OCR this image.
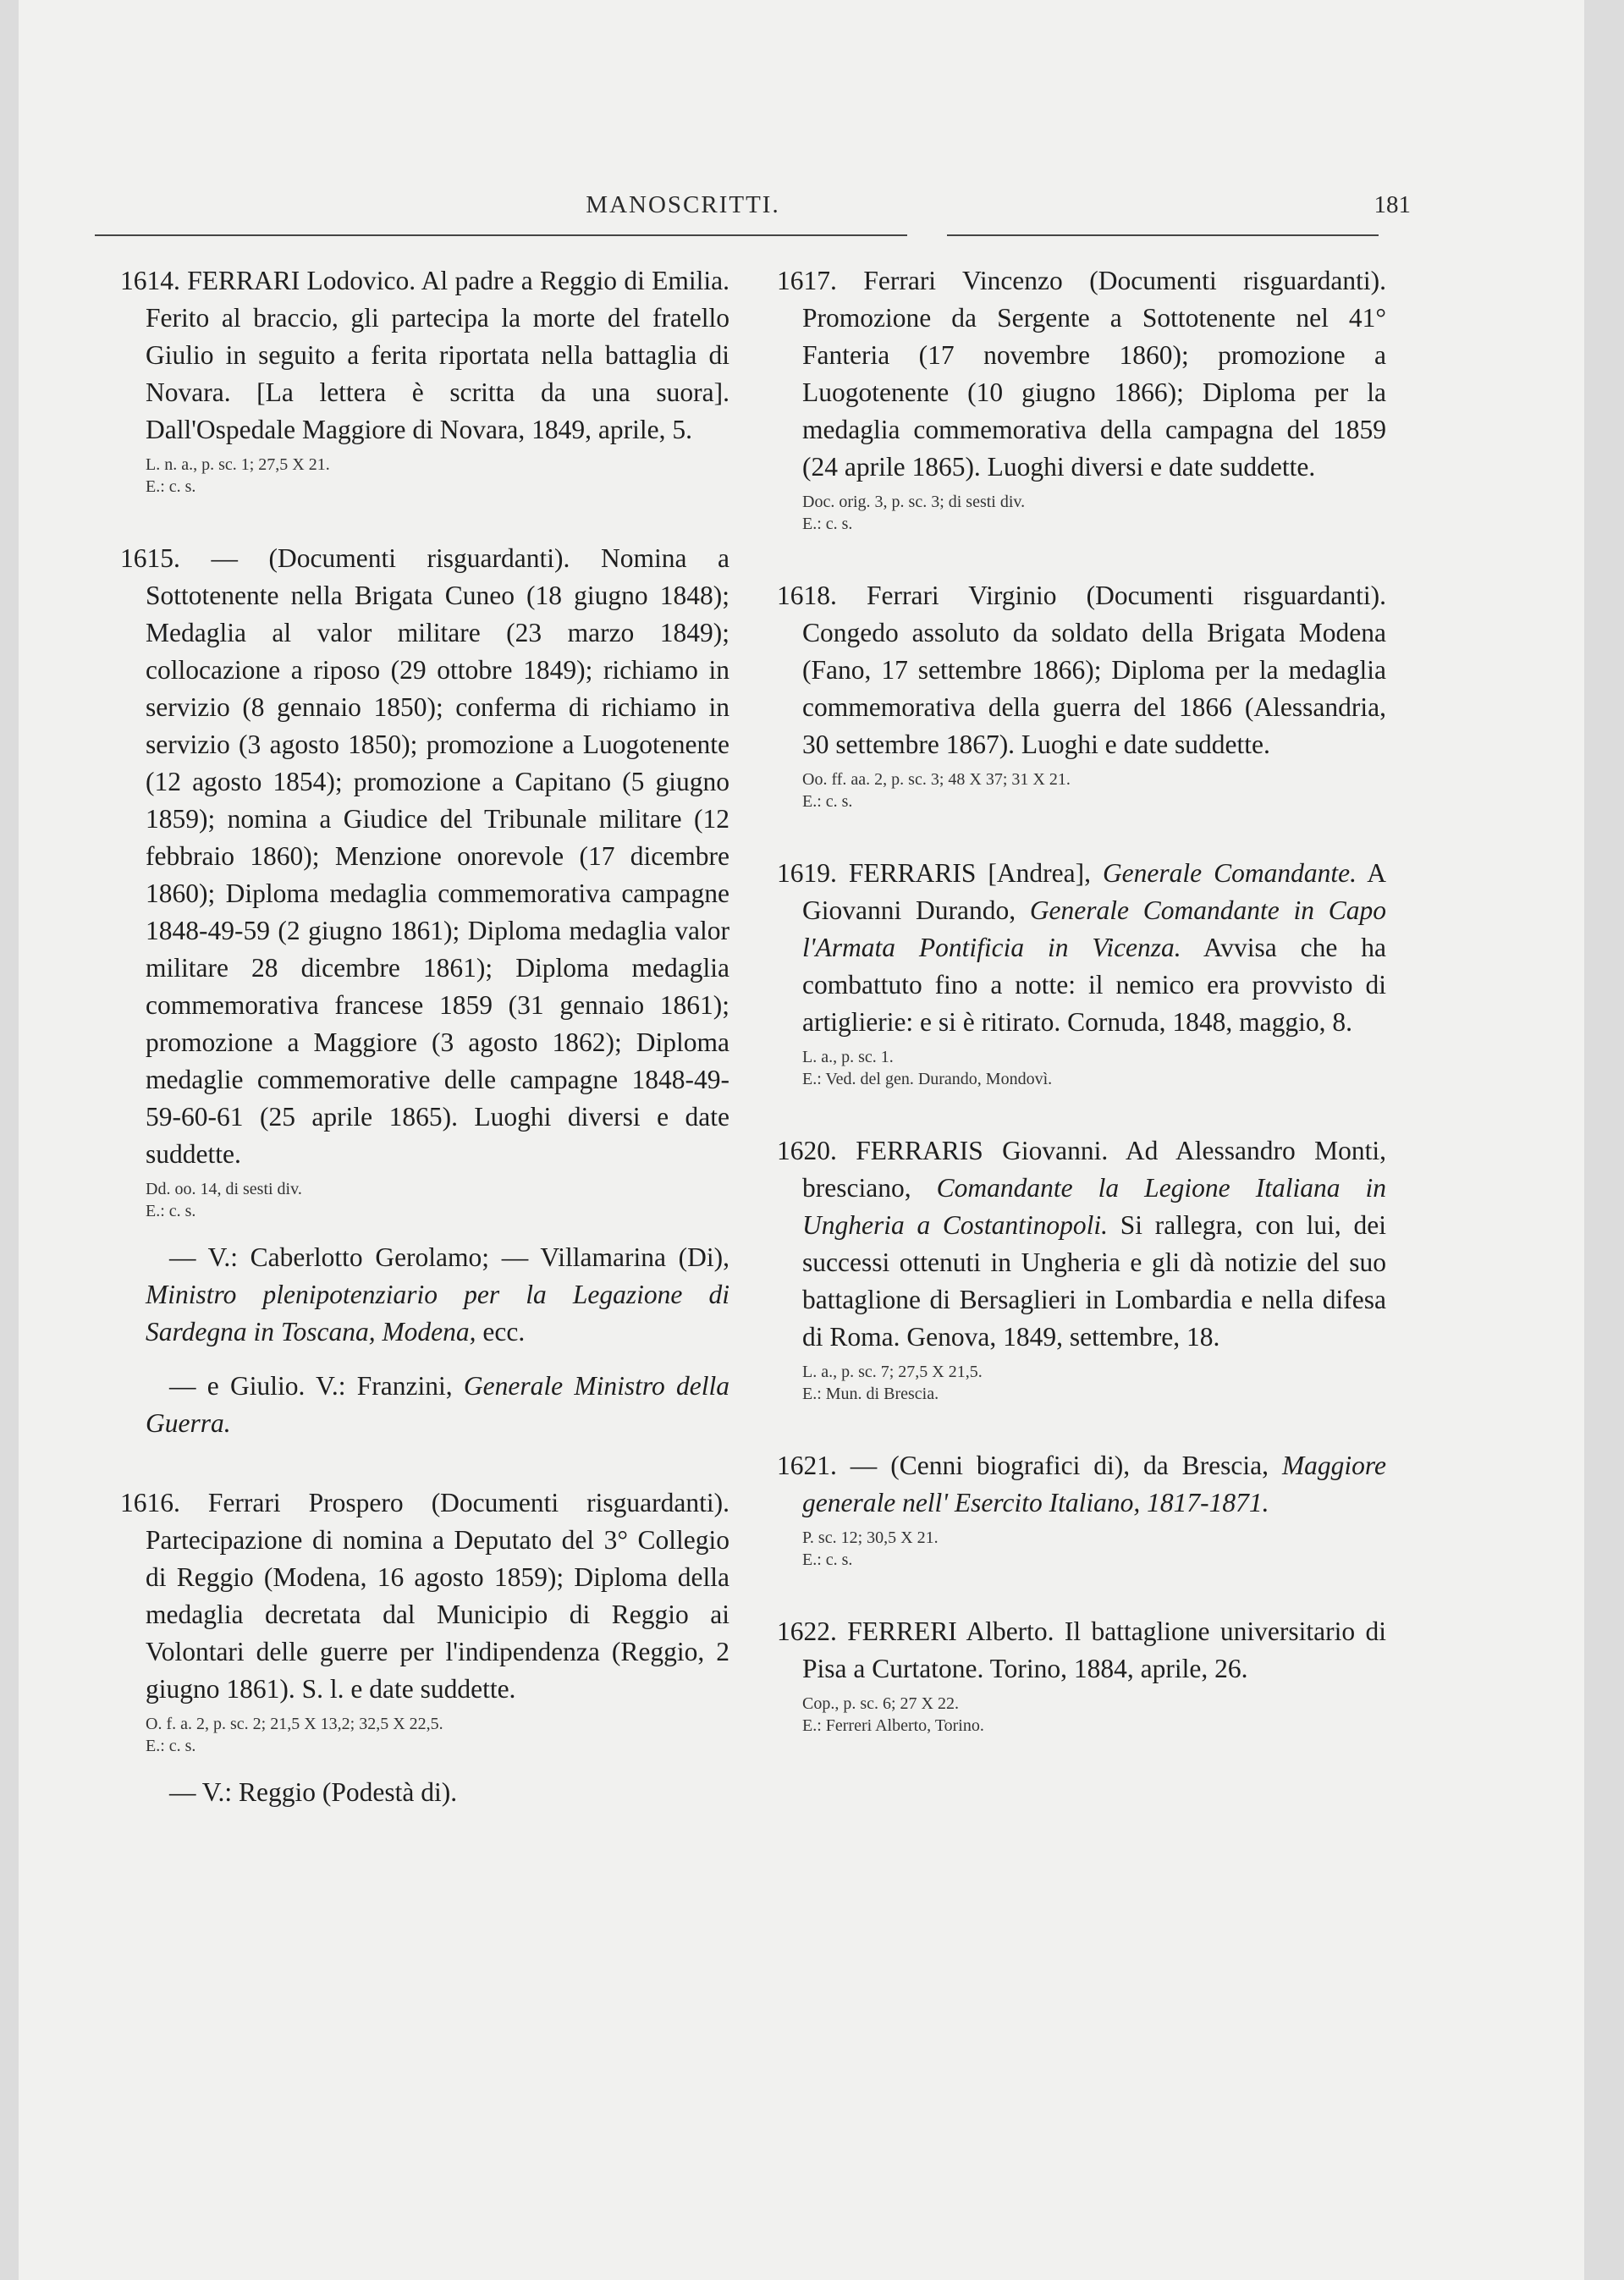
MANOSCRITTI.	181

1614. FERRARI Lodovico. Al padre a Reggio di Emilia. Ferito al braccio, gli partecipa la morte del fratello Giulio in seguito a ferita riportata nella battaglia di Novara. [La lettera è scritta da una suora]. Dall'Ospedale Maggiore di Novara, 1849, aprile, 5.

L. n. a., p. sc. 1; 27,5 X 21.

E.: c. s.

1615. — (Documenti risguardanti). Nomina a Sottotenente nella Brigata Cuneo (18 giugno 1848); Medaglia al valor militare (23 marzo 1849); collocazione a riposo (29 ottobre 1849); richiamo in servizio (8 gennaio 1850); conferma di richiamo in servizio (3 agosto 1850); promozione a Luogotenente (12 agosto 1854); promozione a Capitano (5 giugno 1859); nomina a Giudice del Tribunale militare (12 febbraio 1860); Menzione onorevole (17 dicembre 1860); Diploma medaglia commemorativa campagne 1848-49-59 (2 giugno 1861); Diploma medaglia valor militare 28 dicembre 1861); Diploma medaglia commemorativa francese 1859 (31 gennaio 1861); promozione a Maggiore (3 agosto 1862); Diploma medaglie commemorative delle campagne 1848-49-59-60-61 (25 aprile 1865). Luoghi diversi e date suddette.

Dd. oo. 14, di sesti div.

E.: c. s.

— V.: Caberlotto Gerolamo; — Villamarina (Di), Ministro plenipotenziario per la Legazione di Sardegna in Toscana, Modena, ecc.

— e Giulio. V.: Franzini, Generale Ministro della Guerra.

1616. Ferrari Prospero (Documenti risguardanti). Partecipazione di nomina a Deputato del 3° Collegio di Reggio (Modena, 16 agosto 1859); Diploma della medaglia decretata dal Municipio di Reggio ai Volontari delle guerre per l'indipendenza (Reggio, 2 giugno 1861). S. l. e date suddette.

O. f. a. 2, p. sc. 2; 21,5 X 13,2; 32,5 X 22,5.

E.: c. s.

— V.: Reggio (Podestà di).

1617. Ferrari Vincenzo (Documenti risguardanti). Promozione da Sergente a Sottotenente nel 41° Fanteria (17 novembre 1860); promozione a Luogotenente (10 giugno 1866); Diploma per la medaglia commemorativa della campagna del 1859 (24 aprile 1865). Luoghi diversi e date suddette.

Doc. orig. 3, p. sc. 3; di sesti div.

E.: c. s.

1618. Ferrari Virginio (Documenti risguardanti). Congedo assoluto da soldato della Brigata Modena (Fano, 17 settembre 1866); Diploma per la medaglia commemorativa della guerra del 1866 (Alessandria, 30 settembre 1867). Luoghi e date suddette.

Oo. ff. aa. 2, p. sc. 3; 48 X 37; 31 X 21.

E.: c. s.

1619. FERRARIS [Andrea], Generale Comandante. A Giovanni Durando, Generale Comandante in Capo l'Armata Pontificia in Vicenza. Avvisa che ha combattuto fino a notte: il nemico era provvisto di artiglierie: e si è ritirato. Cornuda, 1848, maggio, 8.

L. a., p. sc. 1.

E.: Ved. del gen. Durando, Mondovì.

1620. FERRARIS Giovanni. Ad Alessandro Monti, bresciano, Comandante la Legione Italiana in Ungheria a Costantinopoli. Si rallegra, con lui, dei successi ottenuti in Ungheria e gli dà notizie del suo battaglione di Bersaglieri in Lombardia e nella difesa di Roma. Genova, 1849, settembre, 18.

L. a., p. sc. 7; 27,5 X 21,5.

E.: Mun. di Brescia.

1621. — (Cenni biografici di), da Brescia, Maggiore generale nell' Esercito Italiano, 1817-1871.

P. sc. 12; 30,5 X 21.

E.: c. s.

1622. FERRERI Alberto. Il battaglione universitario di Pisa a Curtatone. Torino, 1884, aprile, 26.

Cop., p. sc. 6; 27 X 22.

E.: Ferreri Alberto, Torino.
